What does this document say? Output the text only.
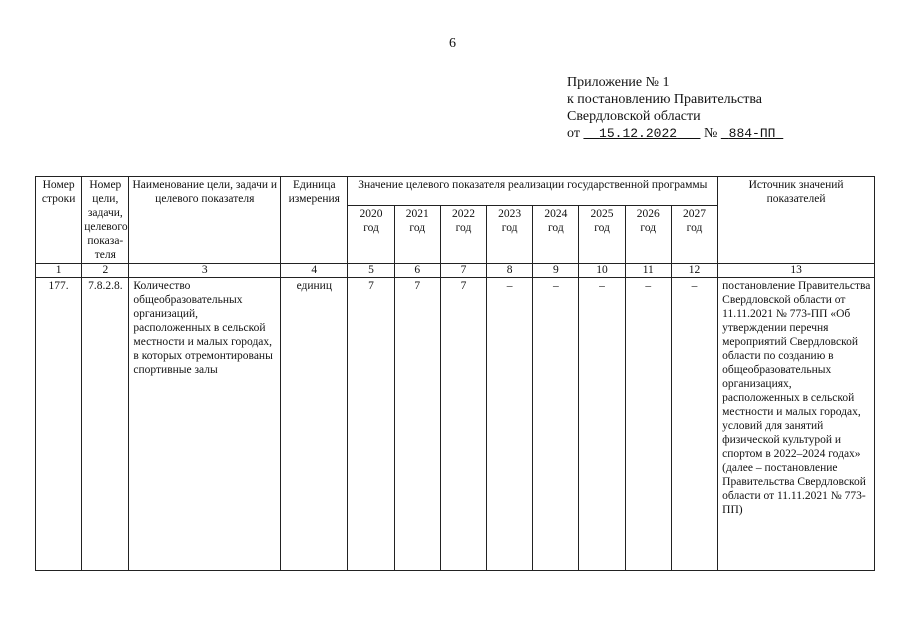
6
Приложение № 1
к постановлению Правительства
Свердловской области
от 15.12.2022 № 884-ПП
Номер строки	Номер цели, задачи, целевого показа-теля	Наименование цели, задачи и целевого показателя	Единица измерения	Значение целевого показателя реализации государственной программы								Источник значений показателей
				2020 год	2021 год	2022 год	2023 год	2024 год	2025 год	2026 год	2027 год	
1	2	3	4	5	6	7	8	9	10	11	12	13
177.	7.8.2.8.	Количество общеобразовательных организаций, расположенных в сельской местности и малых городах, в которых отремонтированы спортивные залы	единиц	7	7	7	–	–	–	–	–	постановление Правительства Свердловской области от 11.11.2021 № 773-ПП «Об утверждении перечня мероприятий Свердловской области по созданию в общеобразовательных организациях, расположенных в сельской местности и малых городах, условий для занятий физической культурой и спортом в 2022–2024 годах» (далее – постановление Правительства Свердловской области от 11.11.2021 № 773-ПП)
